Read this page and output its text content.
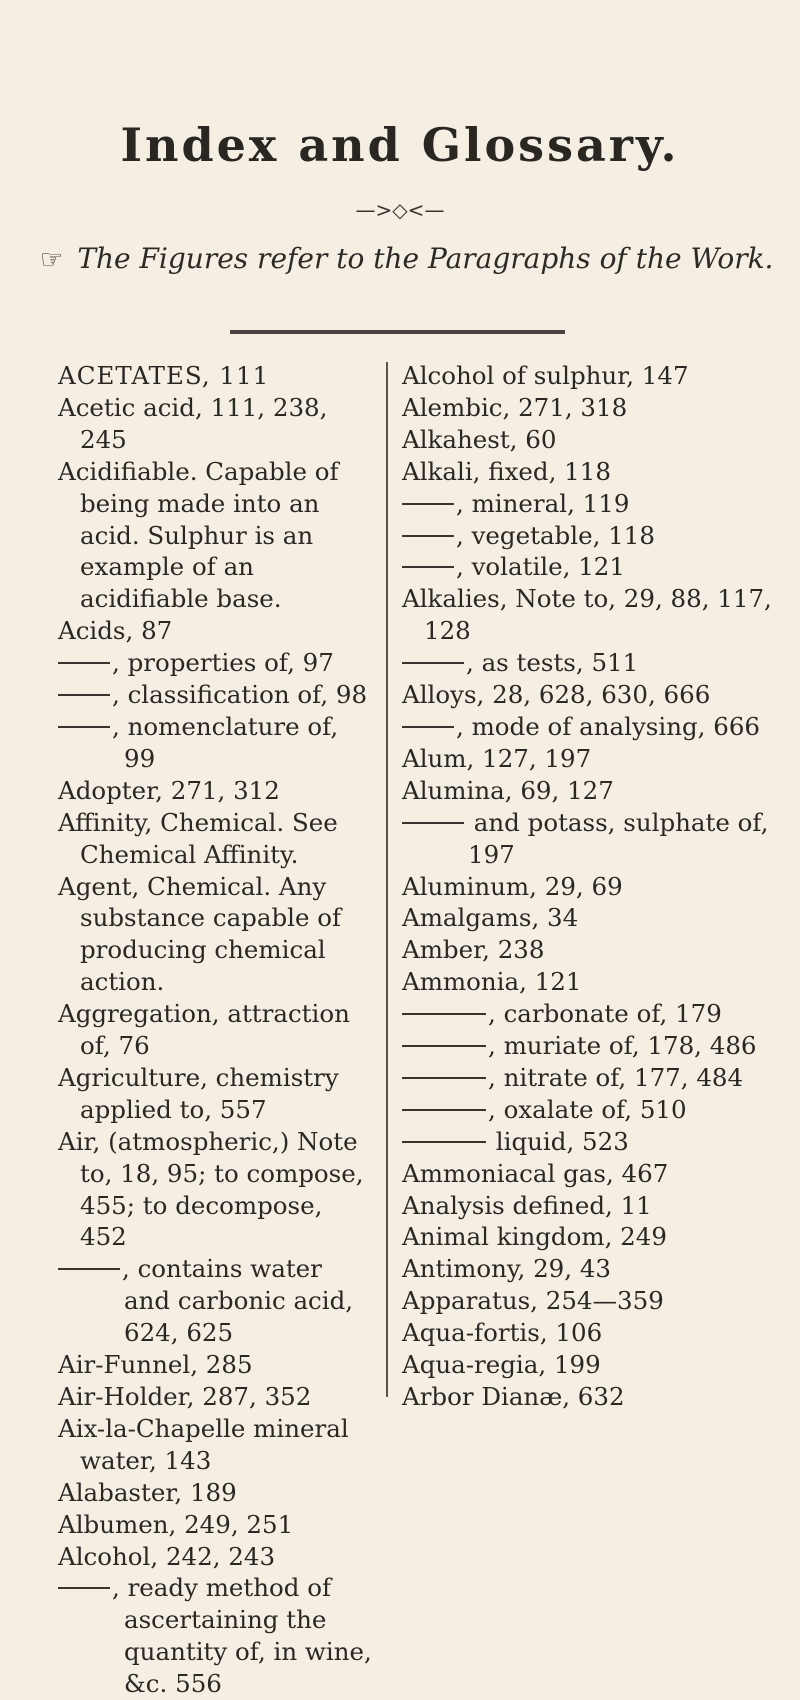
Index and Glossary.
—>◇<—
☞ The Figures refer to the Paragraphs of the Work.
ACETATES, 111
Acetic acid, 111, 238, 245
Acidifiable. Capable of being made into an acid. Sulphur is an example of an acidifiable base.
Acids, 87
, properties of, 97
, classification of, 98
, nomenclature of, 99
Adopter, 271, 312
Affinity, Chemical. See Chemical Affinity.
Agent, Chemical. Any substance capable of producing chemical action.
Aggregation, attraction of, 76
Agriculture, chemistry applied to, 557
Air, (atmospheric,) Note to, 18, 95; to compose, 455; to decompose, 452
, contains water and carbonic acid, 624, 625
Air-Funnel, 285
Air-Holder, 287, 352
Aix-la-Chapelle mineral water, 143
Alabaster, 189
Albumen, 249, 251
Alcohol, 242, 243
, ready method of ascertaining the quantity of, in wine, &c. 556
Alcohol of sulphur, 147
Alembic, 271, 318
Alkahest, 60
Alkali, fixed, 118
, mineral, 119
, vegetable, 118
, volatile, 121
Alkalies, Note to, 29, 88, 117, 128
, as tests, 511
Alloys, 28, 628, 630, 666
, mode of analysing, 666
Alum, 127, 197
Alumina, 69, 127
and potass, sulphate of, 197
Aluminum, 29, 69
Amalgams, 34
Amber, 238
Ammonia, 121
, carbonate of, 179
, muriate of, 178, 486
, nitrate of, 177, 484
, oxalate of, 510
liquid, 523
Ammoniacal gas, 467
Analysis defined, 11
Animal kingdom, 249
Antimony, 29, 43
Apparatus, 254—359
Aqua-fortis, 106
Aqua-regia, 199
Arbor Dianæ, 632
